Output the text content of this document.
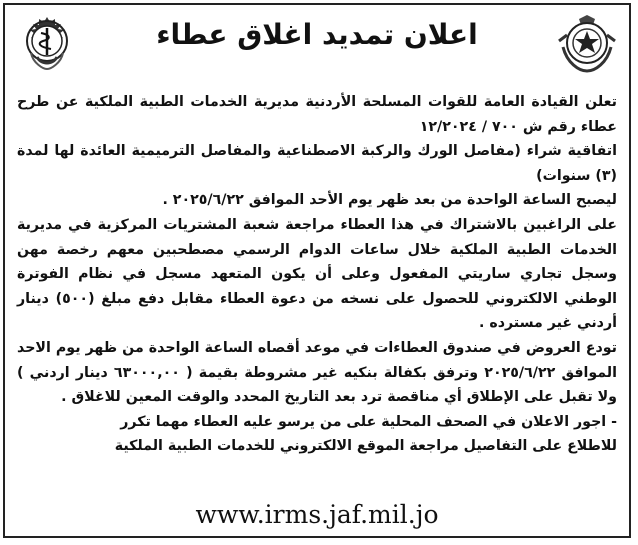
اعلان تمديد اغلاق عطاء

تعلن القيادة العامة للقوات المسلحة الأردنية مديرية الخدمات الطبية الملكية عن طرح عطاء رقم ش ٧٠٠ / ١٢/٢٠٢٤

اتفاقية شراء (مفاصل الورك والركبة الاصطناعية والمفاصل الترميمية العائدة لها لمدة (٣) سنوات)

ليصبح الساعة الواحدة من بعد ظهر يوم الأحد الموافق ٢٠٢٥/٦/٢٢ .

على الراغبين بالاشتراك في هذا العطاء مراجعة شعبة المشتريات المركزية في مديرية الخدمات الطبية الملكية خلال ساعات الدوام الرسمي مصطحبين معهم رخصة مهن وسجل تجاري ساريتي المفعول وعلى أن يكون المتعهد مسجل في نظام الفوترة الوطني الالكتروني للحصول على نسخه من دعوة العطاء مقابل دفع مبلغ (٥٠٠) دينار أردني غير مسترده .

تودع العروض في صندوق العطاءات في موعد أقصاه الساعة الواحدة من ظهر يوم الاحد الموافق ٢٠٢٥/٦/٢٢ وترفق بكفالة بنكيه غير مشروطة بقيمة ( ٦٣٠٠٠,٠٠ دينار اردني ) ولا تقبل على الإطلاق أي مناقصة ترد بعد التاريخ المحدد والوقت المعين للاغلاق .

- اجور الاعلان في الصحف المحلية على من يرسو عليه العطاء مهما تكرر

للاطلاع على التفاصيل مراجعة الموقع الالكتروني للخدمات الطبية الملكية

www.irms.jaf.mil.jo
